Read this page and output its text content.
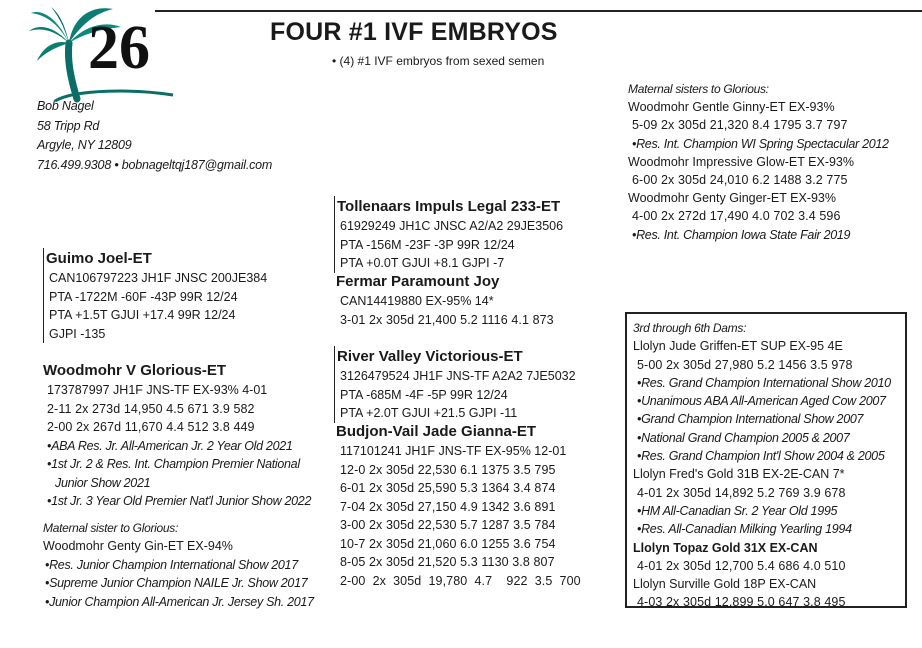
26	FOUR #1 IVF EMBRYOS
• (4) #1 IVF embryos from sexed semen
Bob Nagel
58 Tripp Rd
Argyle, NY 12809
716.499.9308 • bobnageltqj187@gmail.com
Guimo Joel-ET
CAN106797223 JH1F JNSC 200JE384
PTA -1722M -60F -43P 99R 12/24
PTA +1.5T GJUI +17.4 99R 12/24
GJPI -135
Woodmohr V Glorious-ET
173787997 JH1F JNS-TF EX-93% 4-01
2-11 2x 273d 14,950 4.5 671 3.9 582
2-00 2x 267d 11,670 4.4 512 3.8 449
•ABA Res. Jr. All-American Jr. 2 Year Old 2021
•1st Jr. 2 & Res. Int. Champion Premier National
Junior Show 2021
•1st Jr. 3 Year Old Premier Nat'l Junior Show 2022
Maternal sister to Glorious:
Woodmohr Genty Gin-ET EX-94%
•Res. Junior Champion International Show 2017
•Supreme Junior Champion NAILE Jr. Show 2017
•Junior Champion All-American Jr. Jersey Sh. 2017
Tollenaars Impuls Legal 233-ET
61929249 JH1C JNSC A2/A2 29JE3506
PTA -156M -23F -3P 99R 12/24
PTA +0.0T GJUI +8.1 GJPI -7
Fermar Paramount Joy
CAN14419880 EX-95% 14*
3-01 2x 305d 21,400 5.2 1116 4.1 873
River Valley Victorious-ET
3126479524 JH1F JNS-TF A2A2 7JE5032
PTA -685M -4F -5P 99R 12/24
PTA +2.0T GJUI +21.5 GJPI -11
Budjon-Vail Jade Gianna-ET
117101241 JH1F JNS-TF EX-95% 12-01
12-0 2x 305d 22,530 6.1 1375 3.5 795
6-01 2x 305d 25,590 5.3 1364 3.4 874
7-04 2x 305d 27,150 4.9 1342 3.6 891
3-00 2x 305d 22,530 5.7 1287 3.5 784
10-7 2x 305d 21,060 6.0 1255 3.6 754
8-05 2x 305d 21,520 5.3 1130 3.8 807
2-00  2x  305d  19,780  4.7    922  3.5  700
Maternal sisters to Glorious:
Woodmohr Gentle Ginny-ET EX-93%
5-09 2x 305d 21,320 8.4 1795 3.7 797
•Res. Int. Champion WI Spring Spectacular 2012
Woodmohr Impressive Glow-ET EX-93%
6-00 2x 305d 24,010 6.2 1488 3.2 775
Woodmohr Genty Ginger-ET EX-93%
4-00 2x 272d 17,490 4.0 702 3.4 596
•Res. Int. Champion Iowa State Fair 2019
3rd through 6th Dams:
Llolyn Jude Griffen-ET SUP EX-95 4E
5-00 2x 305d 27,980 5.2 1456 3.5 978
•Res. Grand Champion International Show 2010
•Unanimous ABA All-American Aged Cow 2007
•Grand Champion International Show 2007
•National Grand Champion 2005 & 2007
•Res. Grand Champion Int'l Show 2004 & 2005
Llolyn Fred's Gold 31B EX-2E-CAN 7*
4-01 2x 305d 14,892 5.2 769 3.9 678
•HM All-Canadian Sr. 2 Year Old 1995
•Res. All-Canadian Milking Yearling 1994
Llolyn Topaz Gold 31X EX-CAN
4-01 2x 305d 12,700 5.4 686 4.0 510
Llolyn Surville Gold 18P EX-CAN
4-03 2x 305d 12,899 5.0 647 3.8 495
